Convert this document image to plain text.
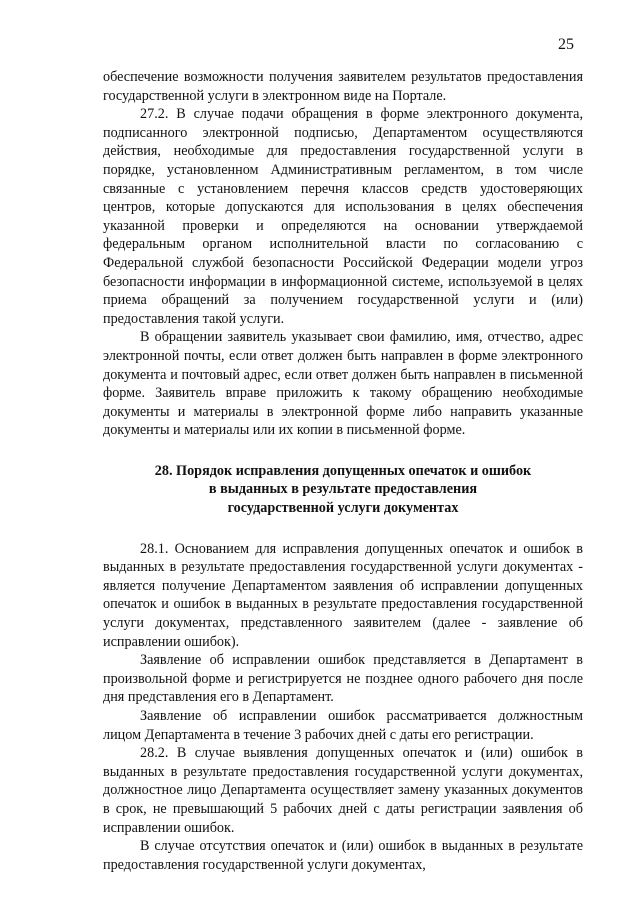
25

обеспечение возможности получения заявителем результатов предоставления государственной услуги в электронном виде на Портале.

27.2. В случае подачи обращения в форме электронного документа, подписанного электронной подписью, Департаментом осуществляются действия, необходимые для предоставления государственной услуги в порядке, установленном Административным регламентом, в том числе связанные с установлением перечня классов средств удостоверяющих центров, которые допускаются для использования в целях обеспечения указанной проверки и определяются на основании утверждаемой федеральным органом исполнительной власти по согласованию с Федеральной службой безопасности Российской Федерации модели угроз безопасности информации в информационной системе, используемой в целях приема обращений за получением государственной услуги и (или) предоставления такой услуги.

В обращении заявитель указывает свои фамилию, имя, отчество, адрес электронной почты, если ответ должен быть направлен в форме электронного документа и почтовый адрес, если ответ должен быть направлен в письменной форме. Заявитель вправе приложить к такому обращению необходимые документы и материалы в электронной форме либо направить указанные документы и материалы или их копии в письменной форме.

28. Порядок исправления допущенных опечаток и ошибок
в выданных в результате предоставления
государственной услуги документах

28.1. Основанием для исправления допущенных опечаток и ошибок в выданных в результате предоставления государственной услуги документах - является получение Департаментом заявления об исправлении допущенных опечаток и ошибок в выданных в результате предоставления государственной услуги документах, представленного заявителем (далее - заявление об исправлении ошибок).

Заявление об исправлении ошибок представляется в Департамент в произвольной форме и регистрируется не позднее одного рабочего дня после дня представления его в Департамент.

Заявление об исправлении ошибок рассматривается должностным лицом Департамента в течение 3 рабочих дней с даты его регистрации.

28.2. В случае выявления допущенных опечаток и (или) ошибок в выданных в результате предоставления государственной услуги документах, должностное лицо Департамента осуществляет замену указанных документов в срок, не превышающий 5 рабочих дней с даты регистрации заявления об исправлении ошибок.

В случае отсутствия опечаток и (или) ошибок в выданных в результате предоставления государственной услуги документах,
